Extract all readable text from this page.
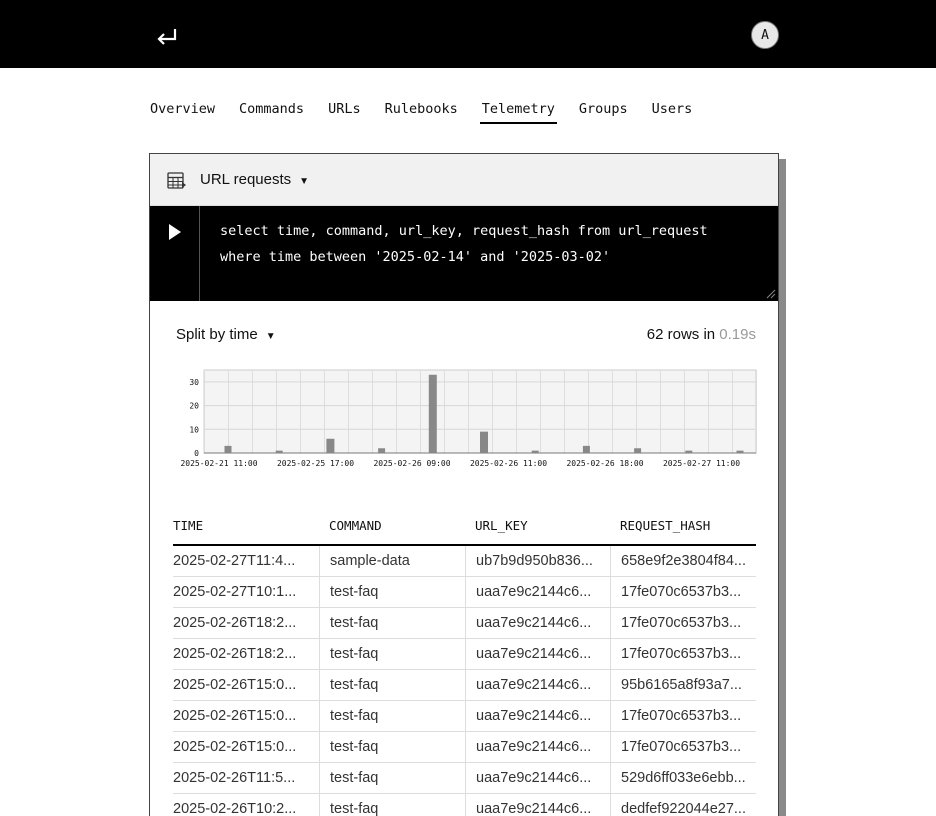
A
Overview Commands URLs Rulebooks Telemetry Groups Users
URL requests ▼
select time, command, url_key, request_hash from url_request
where time between '2025-02-14' and '2025-03-02'
Split by time ▼	62 rows in 0.19s
0
10
20
30
2025-02-21 11:00 2025-02-25 17:00 2025-02-26 09:00 2025-02-26 11:00 2025-02-26 18:00 2025-02-27 11:00
TIME	COMMAND	URL_KEY	REQUEST_HASH
2025-02-27T11:4...	sample-data	ub7b9d950b836...	658e9f2e3804f84...
2025-02-27T10:1...	test-faq	uaa7e9c2144c6...	17fe070c6537b3...
2025-02-26T18:2...	test-faq	uaa7e9c2144c6...	17fe070c6537b3...
2025-02-26T18:2...	test-faq	uaa7e9c2144c6...	17fe070c6537b3...
2025-02-26T15:0...	test-faq	uaa7e9c2144c6...	95b6165a8f93a7...
2025-02-26T15:0...	test-faq	uaa7e9c2144c6...	17fe070c6537b3...
2025-02-26T15:0...	test-faq	uaa7e9c2144c6...	17fe070c6537b3...
2025-02-26T11:5...	test-faq	uaa7e9c2144c6...	529d6ff033e6ebb...
2025-02-26T10:2...	test-faq	uaa7e9c2144c6...	dedfef922044e27...
